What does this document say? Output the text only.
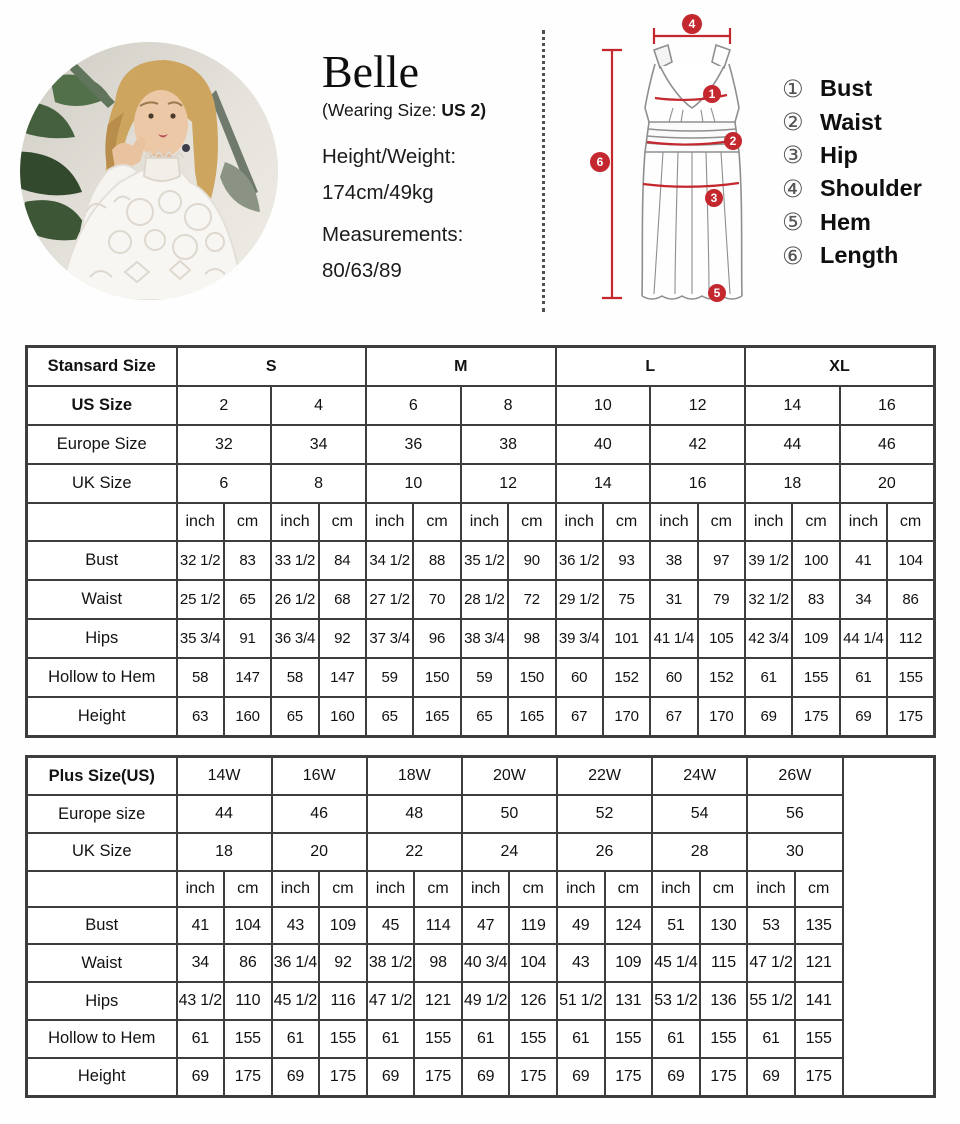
Belle

(Wearing Size: US 2)

Height/Weight:

174cm/49kg

Measurements:

80/63/89

4
6
1
2
3
5
① Bust
② Waist
③ Hip
④ Shoulder
⑤ Hem
⑥ Length
Stansard Size	S				M				L				XL			
US Size	2		4		6		8		10		12		14		16	
Europe Size	32		34		36		38		40		42		44		46	
UK Size	6		8		10		12		14		16		18		20	
	inch	cm	inch	cm	inch	cm	inch	cm	inch	cm	inch	cm	inch	cm	inch	cm
Bust	32 1/2	83	33 1/2	84	34 1/2	88	35 1/2	90	36 1/2	93	38	97	39 1/2	100	41	104
Waist	25 1/2	65	26 1/2	68	27 1/2	70	28 1/2	72	29 1/2	75	31	79	32 1/2	83	34	86
Hips	35 3/4	91	36 3/4	92	37 3/4	96	38 3/4	98	39 3/4	101	41 1/4	105	42 3/4	109	44 1/4	112
Hollow to Hem	58	147	58	147	59	150	59	150	60	152	60	152	61	155	61	155
Height	63	160	65	160	65	165	65	165	67	170	67	170	69	175	69	175
Plus Size(US)	14W		16W		18W		20W		22W		24W		26W		
Europe size	44		46		48		50		52		54		56		
UK Size	18		20		22		24		26		28		30		
	inch	cm	inch	cm	inch	cm	inch	cm	inch	cm	inch	cm	inch	cm	
Bust	41	104	43	109	45	114	47	119	49	124	51	130	53	135	
Waist	34	86	36 1/4	92	38 1/2	98	40 3/4	104	43	109	45 1/4	115	47 1/2	121	
Hips	43 1/2	110	45 1/2	116	47 1/2	121	49 1/2	126	51 1/2	131	53 1/2	136	55 1/2	141	
Hollow to Hem	61	155	61	155	61	155	61	155	61	155	61	155	61	155	
Height	69	175	69	175	69	175	69	175	69	175	69	175	69	175	
